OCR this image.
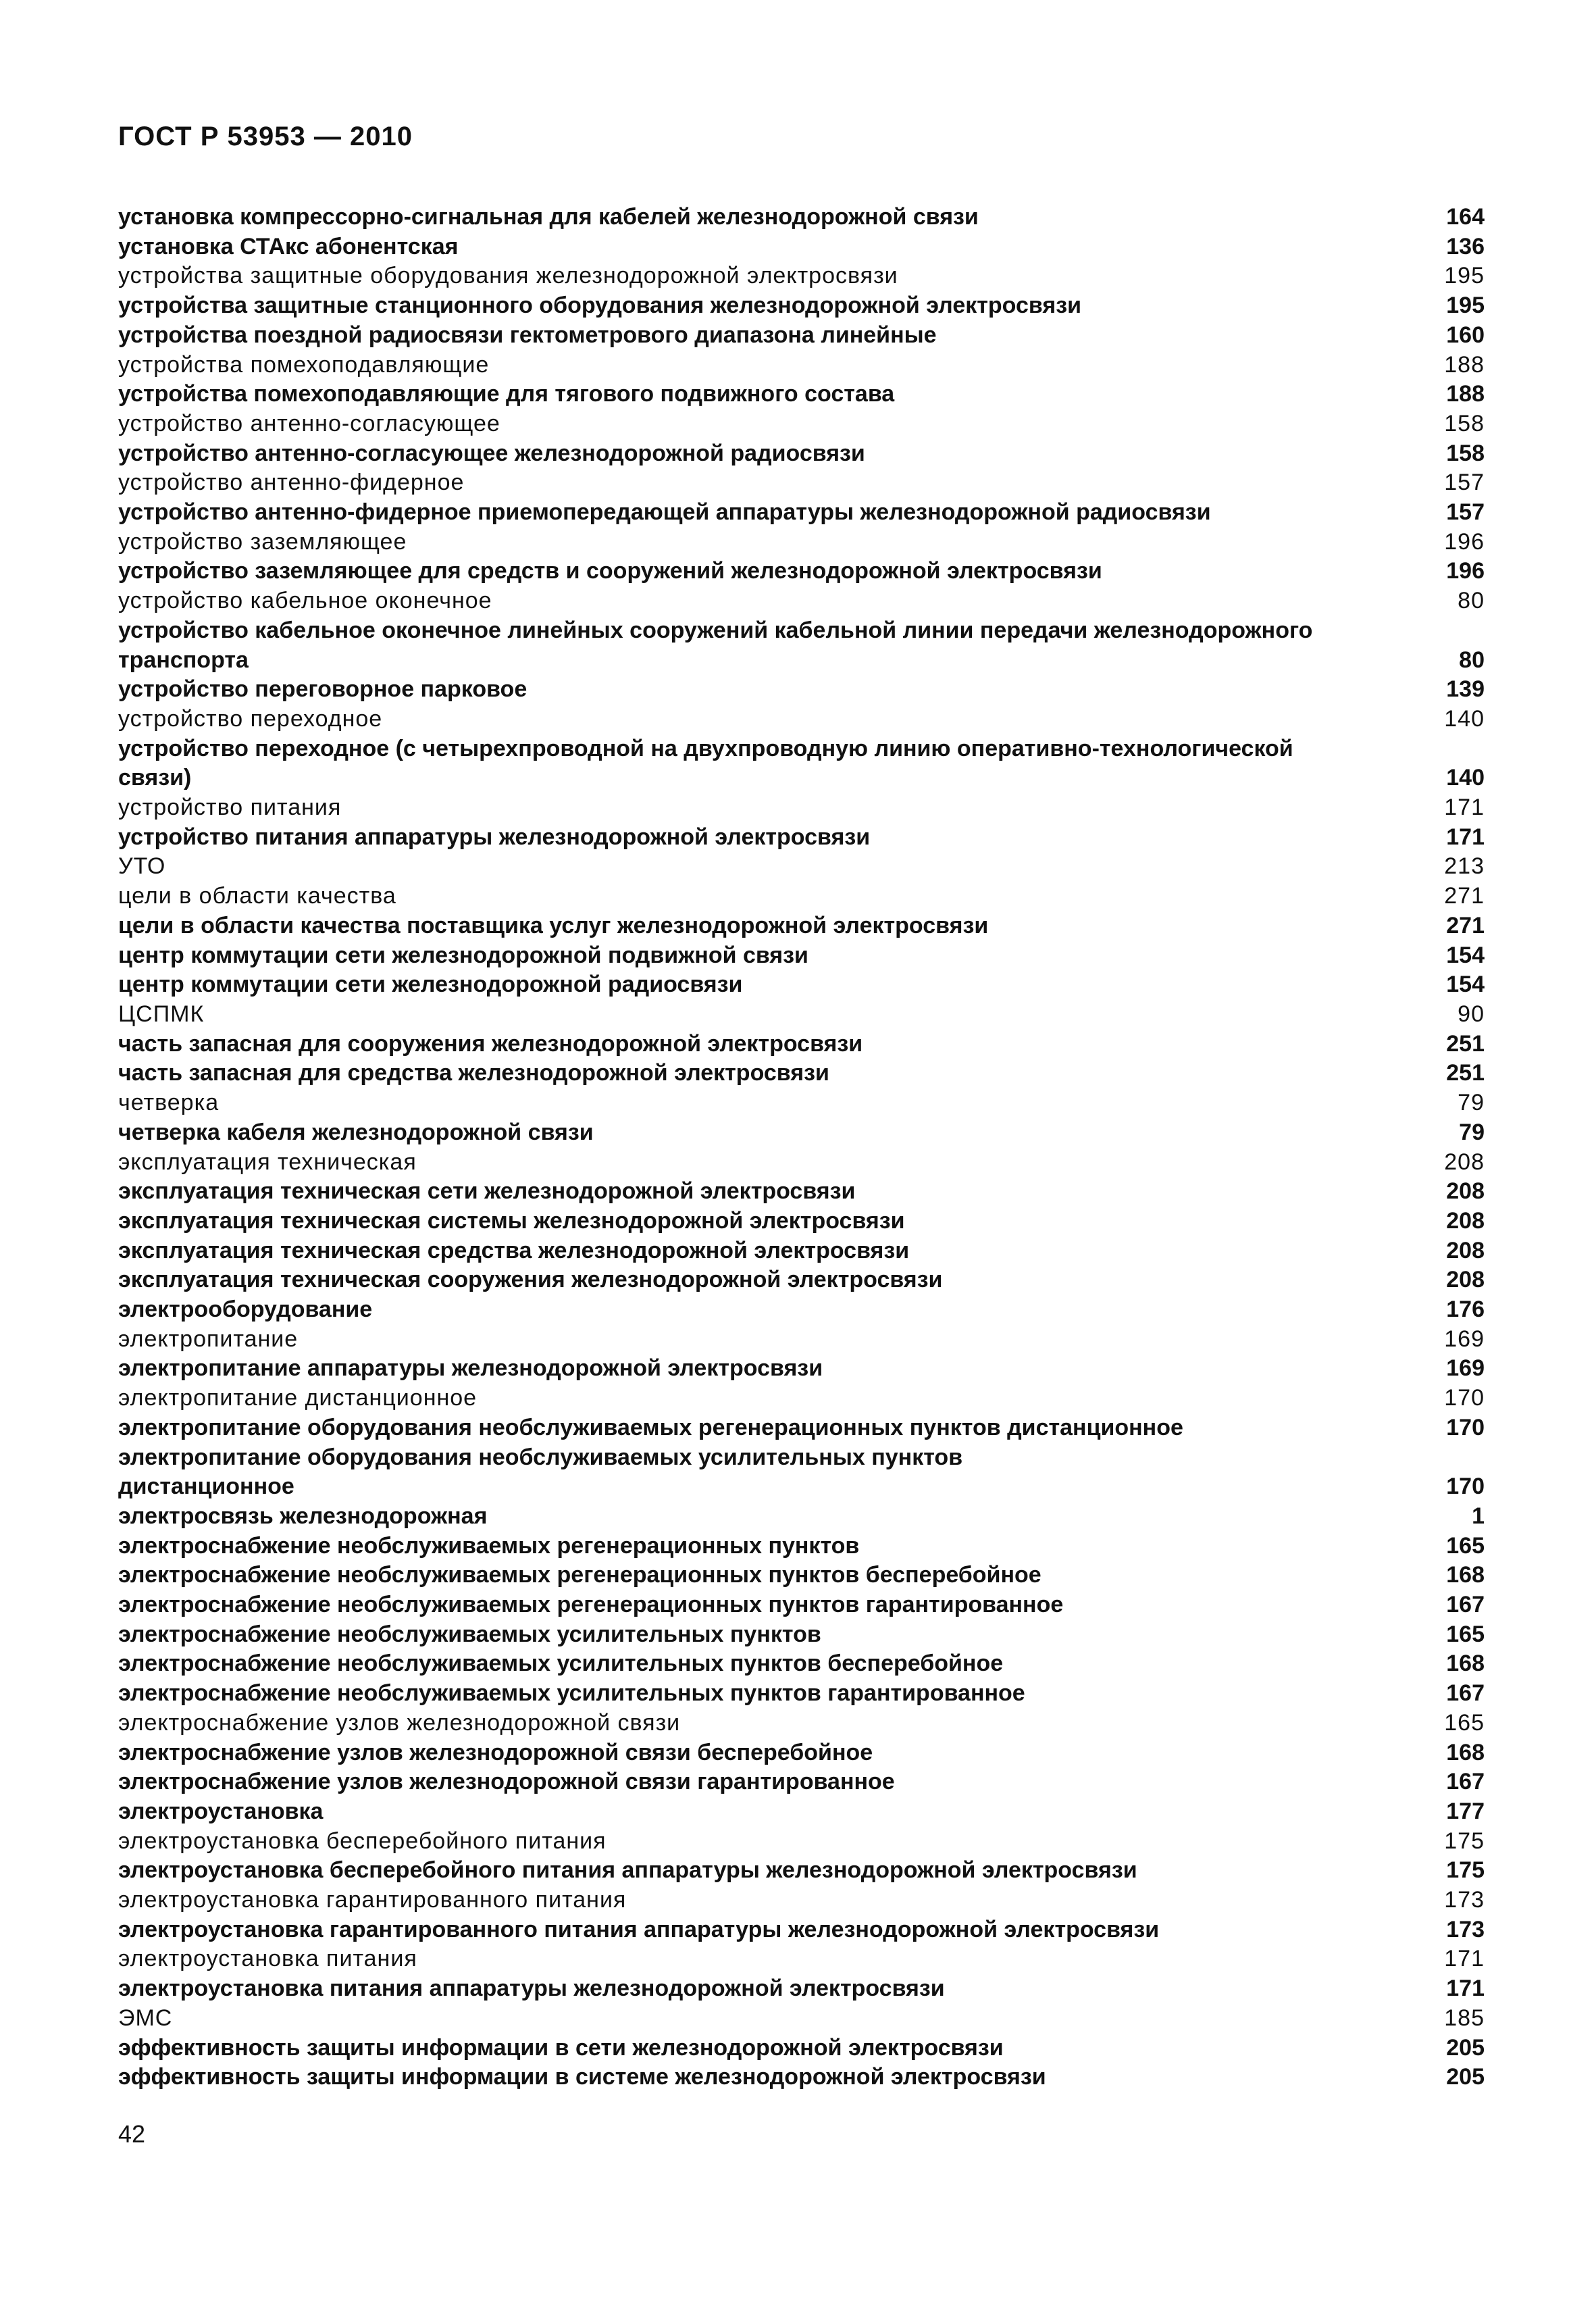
ГОСТ Р 53953 — 2010
установка компрессорно-сигнальная для кабелей железнодорожной связи	164
установка СТАкс абонентская	136
устройства защитные оборудования железнодорожной электросвязи	195
устройства защитные станционного оборудования железнодорожной электросвязи	195
устройства поездной радиосвязи гектометрового диапазона линейные	160
устройства помехоподавляющие	188
устройства помехоподавляющие для тягового подвижного состава	188
устройство антенно-согласующее	158
устройство антенно-согласующее железнодорожной радиосвязи	158
устройство антенно-фидерное	157
устройство антенно-фидерное приемопередающей аппаратуры железнодорожной радиосвязи	157
устройство заземляющее	196
устройство заземляющее для средств и сооружений железнодорожной электросвязи	196
устройство кабельное оконечное	80
устройство кабельное оконечное линейных сооружений кабельной линии передачи железнодорожного
транспорта	80
устройство переговорное парковое	139
устройство переходное	140
устройство переходное (с четырехпроводной на двухпроводную линию оперативно-технологической
связи)	140
устройство питания	171
устройство питания аппаратуры железнодорожной электросвязи	171
УТО	213
цели в области качества	271
цели в области качества поставщика услуг железнодорожной электросвязи	271
центр коммутации сети железнодорожной подвижной связи	154
центр коммутации сети железнодорожной радиосвязи	154
ЦСПМК	90
часть запасная для сооружения железнодорожной электросвязи	251
часть запасная для средства железнодорожной электросвязи	251
четверка	79
четверка кабеля железнодорожной связи	79
эксплуатация техническая	208
эксплуатация техническая сети железнодорожной электросвязи	208
эксплуатация техническая системы железнодорожной электросвязи	208
эксплуатация техническая средства железнодорожной электросвязи	208
эксплуатация техническая сооружения железнодорожной электросвязи	208
электрооборудование	176
электропитание	169
электропитание аппаратуры железнодорожной электросвязи	169
электропитание дистанционное	170
электропитание оборудования необслуживаемых регенерационных пунктов дистанционное	170
электропитание оборудования необслуживаемых усилительных пунктов
дистанционное	170
электросвязь железнодорожная	1
электроснабжение необслуживаемых регенерационных пунктов	165
электроснабжение необслуживаемых регенерационных пунктов бесперебойное	168
электроснабжение необслуживаемых регенерационных пунктов гарантированное	167
электроснабжение необслуживаемых усилительных пунктов	165
электроснабжение необслуживаемых усилительных пунктов бесперебойное	168
электроснабжение необслуживаемых усилительных пунктов гарантированное	167
электроснабжение узлов железнодорожной связи	165
электроснабжение узлов железнодорожной связи бесперебойное	168
электроснабжение узлов железнодорожной связи гарантированное	167
электроустановка	177
электроустановка бесперебойного питания	175
электроустановка бесперебойного питания аппаратуры железнодорожной электросвязи	175
электроустановка гарантированного питания	173
электроустановка гарантированного питания аппаратуры железнодорожной электросвязи	173
электроустановка питания	171
электроустановка питания аппаратуры железнодорожной электросвязи	171
ЭМС	185
эффективность защиты информации в сети железнодорожной электросвязи	205
эффективность защиты информации в системе железнодорожной электросвязи	205
42
